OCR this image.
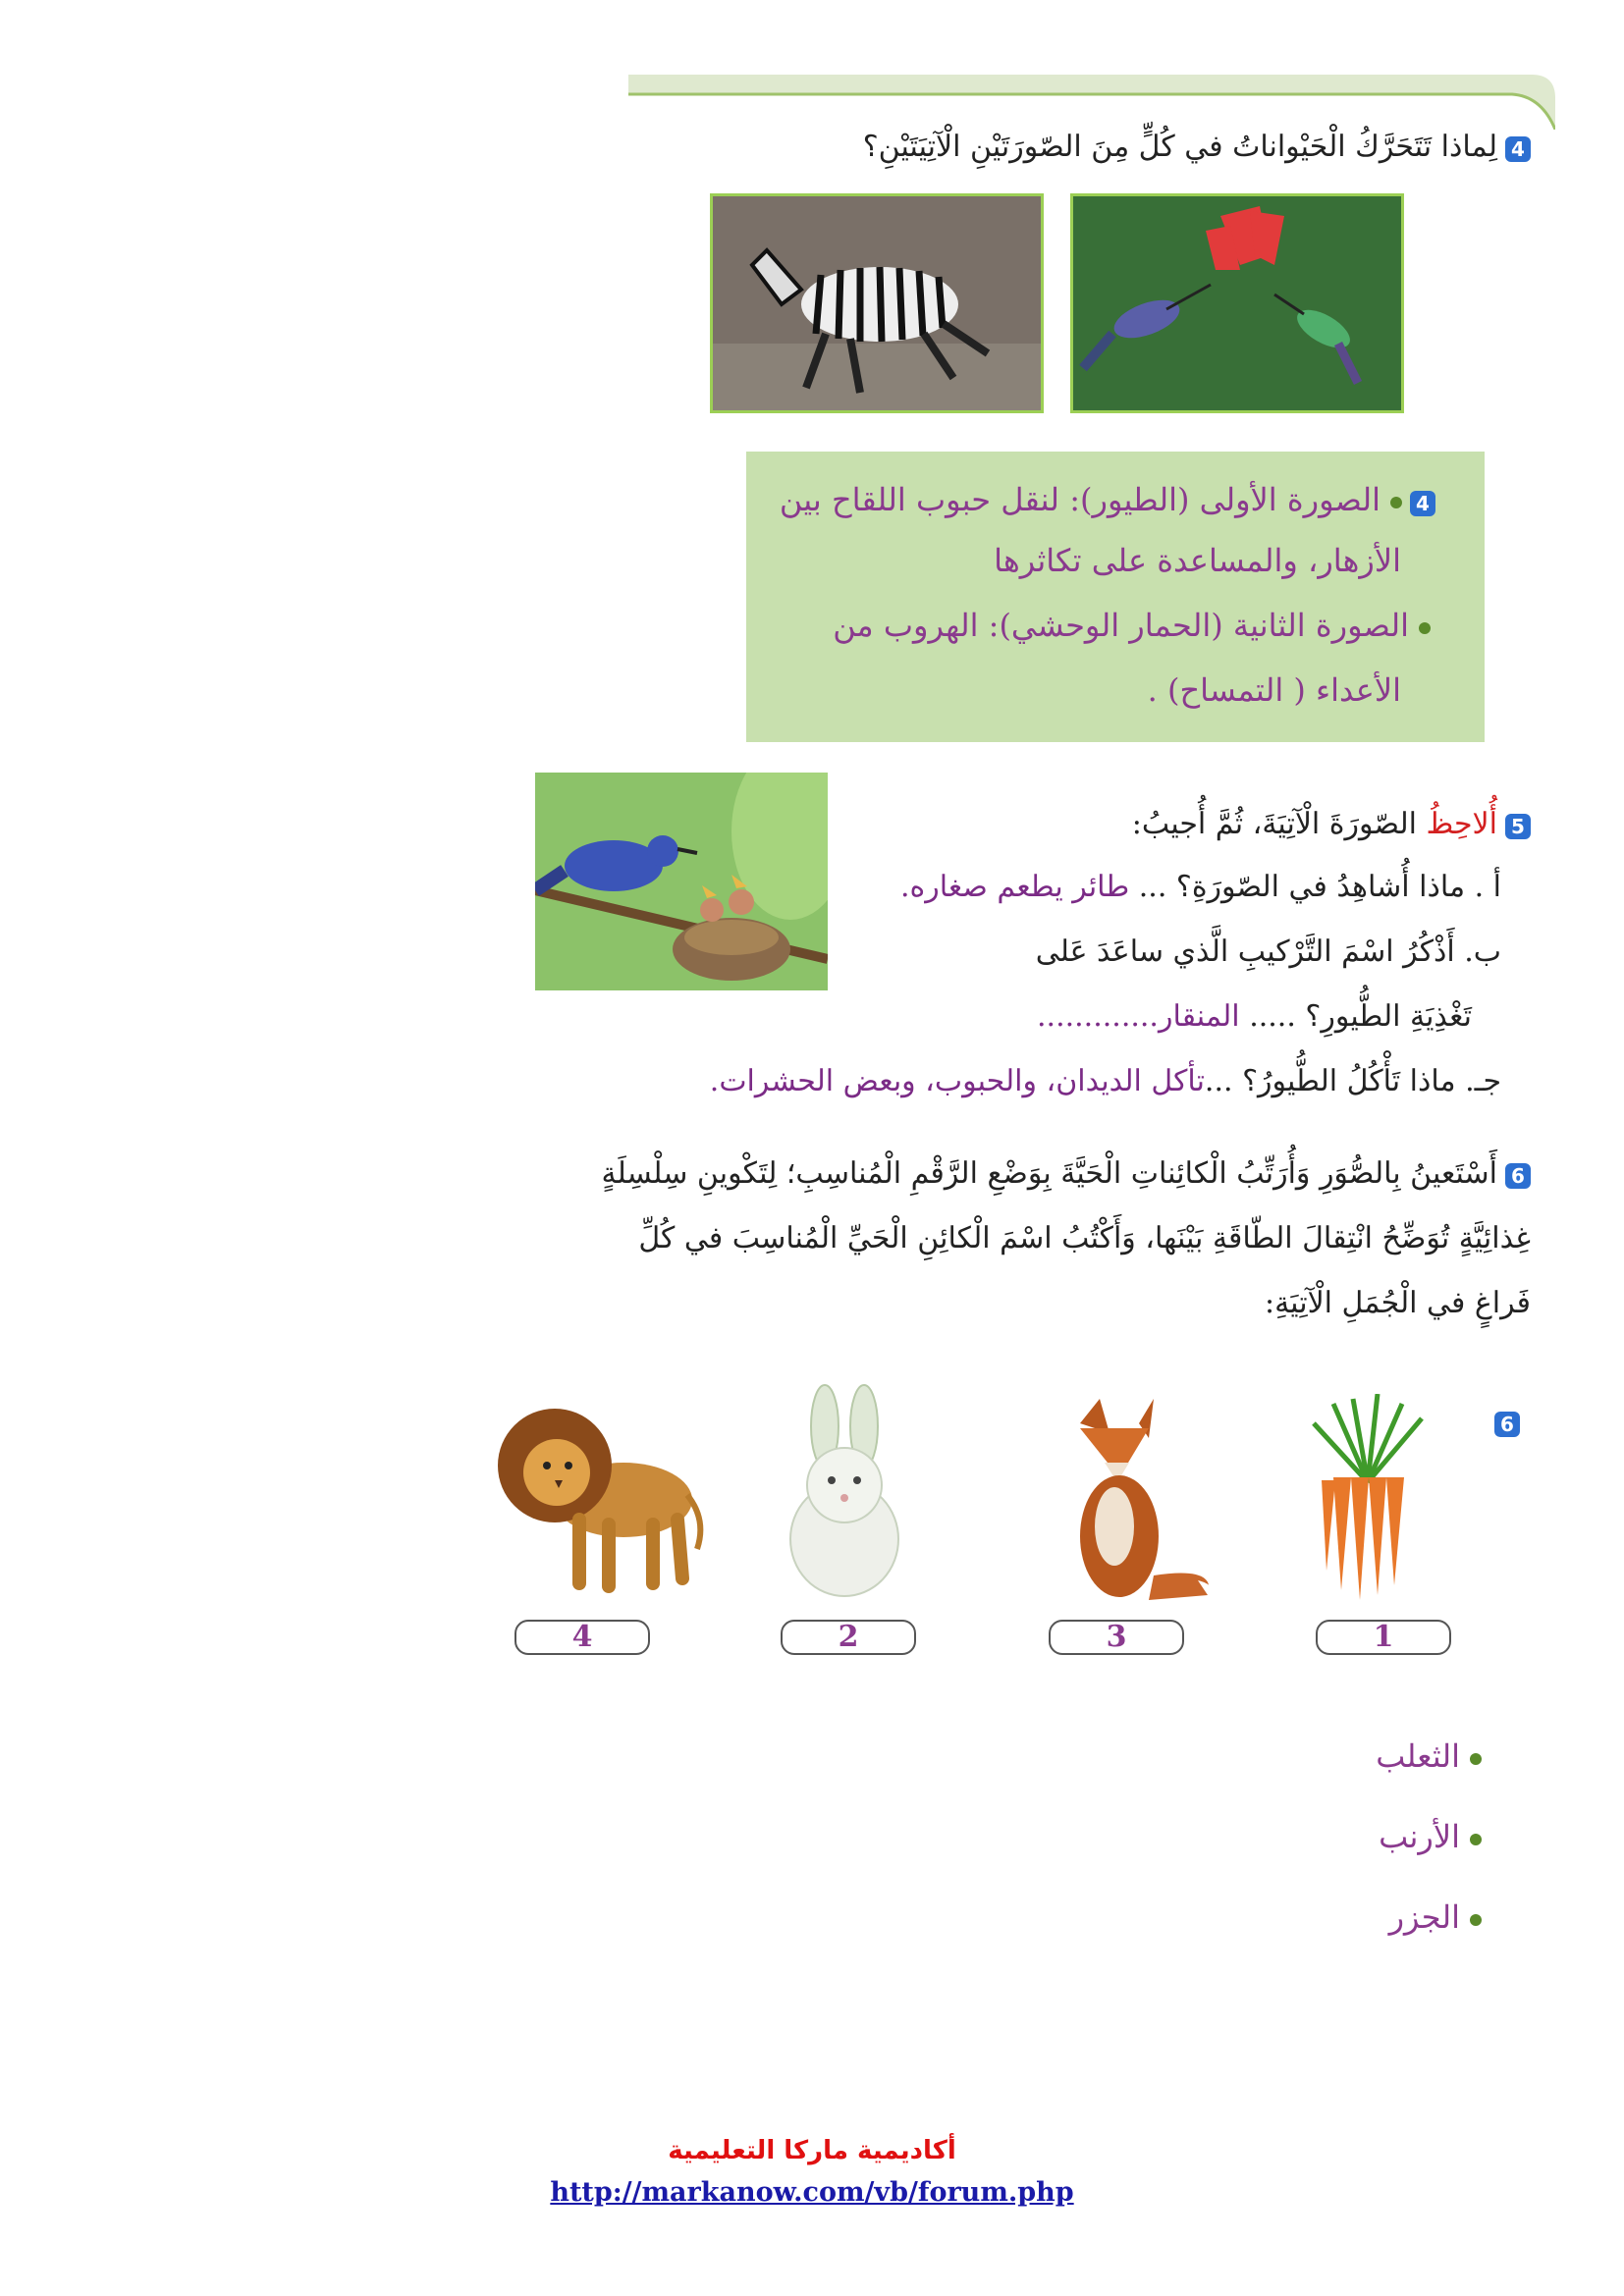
4لِماذا تَتَحَرَّكُ الْحَيْواناتُ في كُلٍّ مِنَ الصّورَتَيْنِ الْآتِيَتَيْنِ؟
4الصورة الأولى (الطيور): لنقل حبوب اللقاح بين
الأزهار، والمساعدة على تكاثرها
الصورة الثانية (الحمار الوحشي): الهروب من
الأعداء ( التمساح) .
5أُلاحِظُ الصّورَةَ الْآتِيَةَ، ثُمَّ أُجيبُ:
أ . ماذا أُشاهِدُ في الصّورَةِ؟ ... طائر يطعم صغاره.
ب. أَذْكُرُ اسْمَ التَّرْكيبِ الَّذي ساعَدَ عَلى
تَغْذِيَةِ الطُّيورِ؟ ..... المنقار.............
جـ. ماذا تَأْكُلُ الطُّيورُ؟ ...تأكل الديدان، والحبوب، وبعض الحشرات.
6أَسْتَعينُ بِالصُّوَرِ وَأُرَتِّبُ الْكائِناتِ الْحَيَّةَ بِوَضْعِ الرَّقْمِ الْمُناسِبِ؛ لِتَكْوينِ سِلْسِلَةٍ
غِذائِيَّةٍ تُوَضِّحُ انْتِقالَ الطّاقَةِ بَيْنَها، وَأَكْتُبُ اسْمَ الْكائِنِ الْحَيِّ الْمُناسِبَ في كُلِّ
فَراغٍ في الْجُمَلِ الْآتِيَةِ:
6
4	2	3	1
الثعلب
الأرنب
الجزر
أكاديمية ماركا التعليمية
http://markanow.com/vb/forum.php
